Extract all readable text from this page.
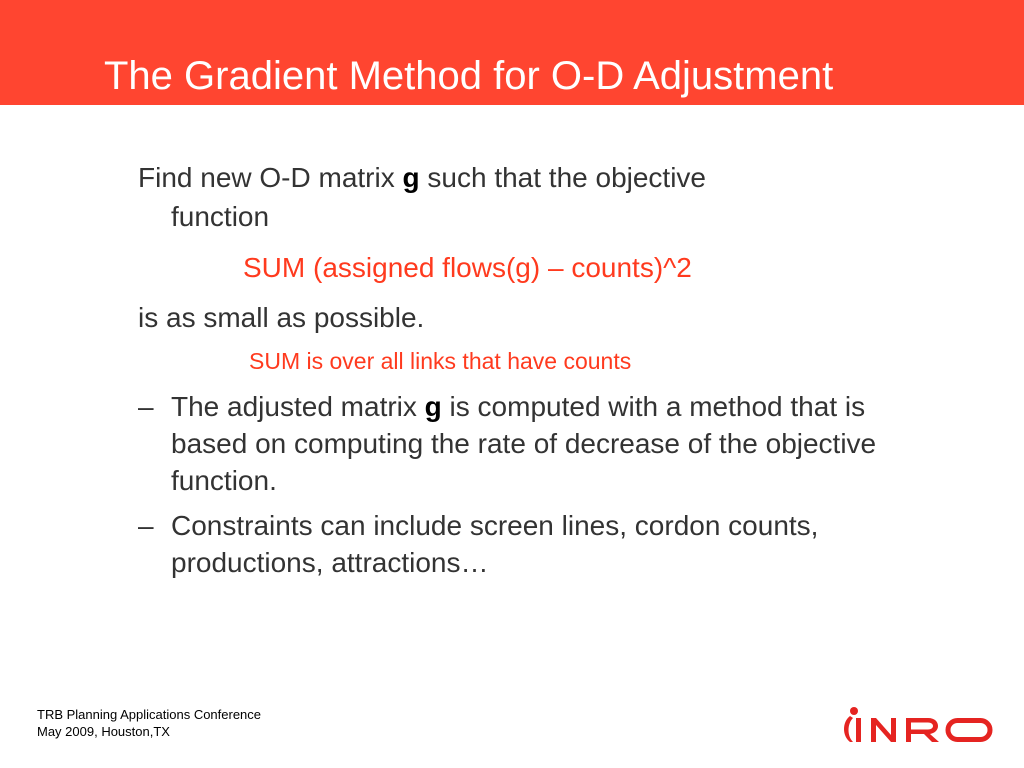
The Gradient Method for O-D Adjustment
Find new O-D matrix g such that the objective
function
SUM (assigned flows(g) – counts)^2
is as small as possible.
SUM is over all links that have counts
– The adjusted matrix g is computed with a method that is based on computing the rate of decrease of the objective function.
– Constraints can include screen lines, cordon counts, productions, attractions…
TRB Planning Applications Conference
May 2009, Houston,TX
